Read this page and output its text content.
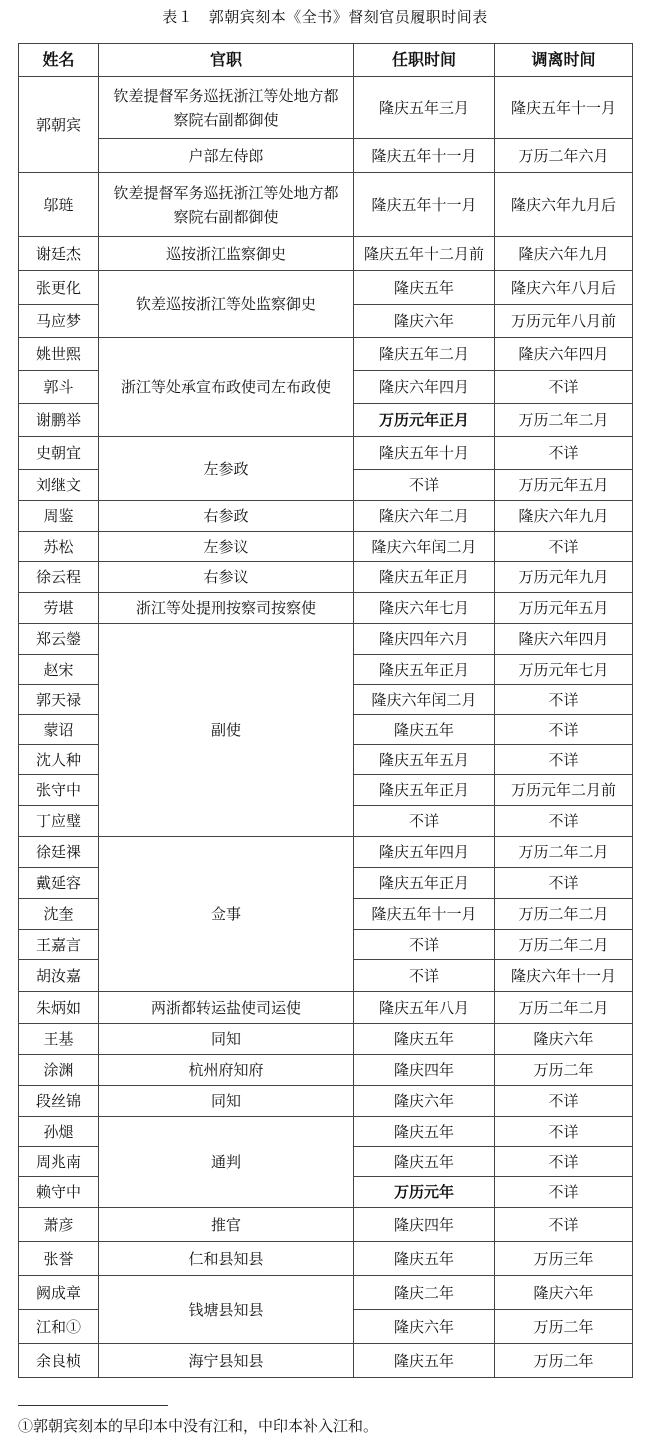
表１　郭朝宾刻本《全书》督刻官员履职时间表
姓名	官职	任职时间	调离时间
郭朝宾	钦差提督军务巡抚浙江等处地方都察院右副都御使	隆庆五年三月	隆庆五年十一月
	户部左侍郎	隆庆五年十一月	万历二年六月
邬琏	钦差提督军务巡抚浙江等处地方都察院右副都御使	隆庆五年十一月	隆庆六年九月后
谢廷杰	巡按浙江监察御史	隆庆五年十二月前	隆庆六年九月
张更化	钦差巡按浙江等处监察御史	隆庆五年	隆庆六年八月后
马应梦		隆庆六年	万历元年八月前
姚世熙	浙江等处承宣布政使司左布政使	隆庆五年二月	隆庆六年四月
郭斗		隆庆六年四月	不详
谢鹏举		万历元年正月	万历二年二月
史朝宜	左参政	隆庆五年十月	不详
刘继文		不详	万历元年五月
周鉴	右参政	隆庆六年二月	隆庆六年九月
苏松	左参议	隆庆六年闰二月	不详
徐云程	右参议	隆庆五年正月	万历元年九月
劳堪	浙江等处提刑按察司按察使	隆庆六年七月	万历元年五月
郑云鎣	副使	隆庆四年六月	隆庆六年四月
赵宋		隆庆五年正月	万历元年七月
郭天禄		隆庆六年闰二月	不详
蒙诏		隆庆五年	不详
沈人种		隆庆五年五月	不详
张守中		隆庆五年正月	万历元年二月前
丁应璧		不详	不详
徐廷祼	佥事	隆庆五年四月	万历二年二月
戴延容		隆庆五年正月	不详
沈奎		隆庆五年十一月	万历二年二月
王嘉言		不详	万历二年二月
胡汝嘉		不详	隆庆六年十一月
朱炳如	两浙都转运盐使司运使	隆庆五年八月	万历二年二月
王基	同知	隆庆五年	隆庆六年
涂渊	杭州府知府	隆庆四年	万历二年
段丝锦	同知	隆庆六年	不详
孙煺	通判	隆庆五年	不详
周兆南		隆庆五年	不详
赖守中		万历元年	不详
萧彦	推官	隆庆四年	不详
张誉	仁和县知县	隆庆五年	万历三年
阙成章	钱塘县知县	隆庆二年	隆庆六年
江和①		隆庆六年	万历二年
余良桢	海宁县知县	隆庆五年	万历二年
①郭朝宾刻本的早印本中没有江和，中印本补入江和。
